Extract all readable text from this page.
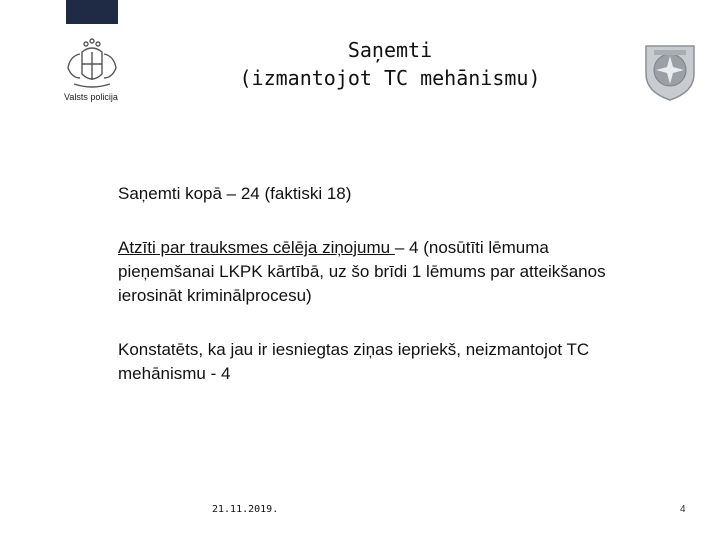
Valsts policija
Saņemti
(izmantojot TC mehānismu)

Saņemti kopā – 24 (faktiski 18)

Atzīti par trauksmes cēlēja ziņojumu – 4 (nosūtīti lēmuma pieņemšanai LKPK kārtībā, uz šo brīdi 1 lēmums par atteikšanos ierosināt kriminālprocesu)

Konstatēts, ka jau ir iesniegtas ziņas iepriekš, neizmantojot TC mehānismu - 4

21.11.2019.	4
